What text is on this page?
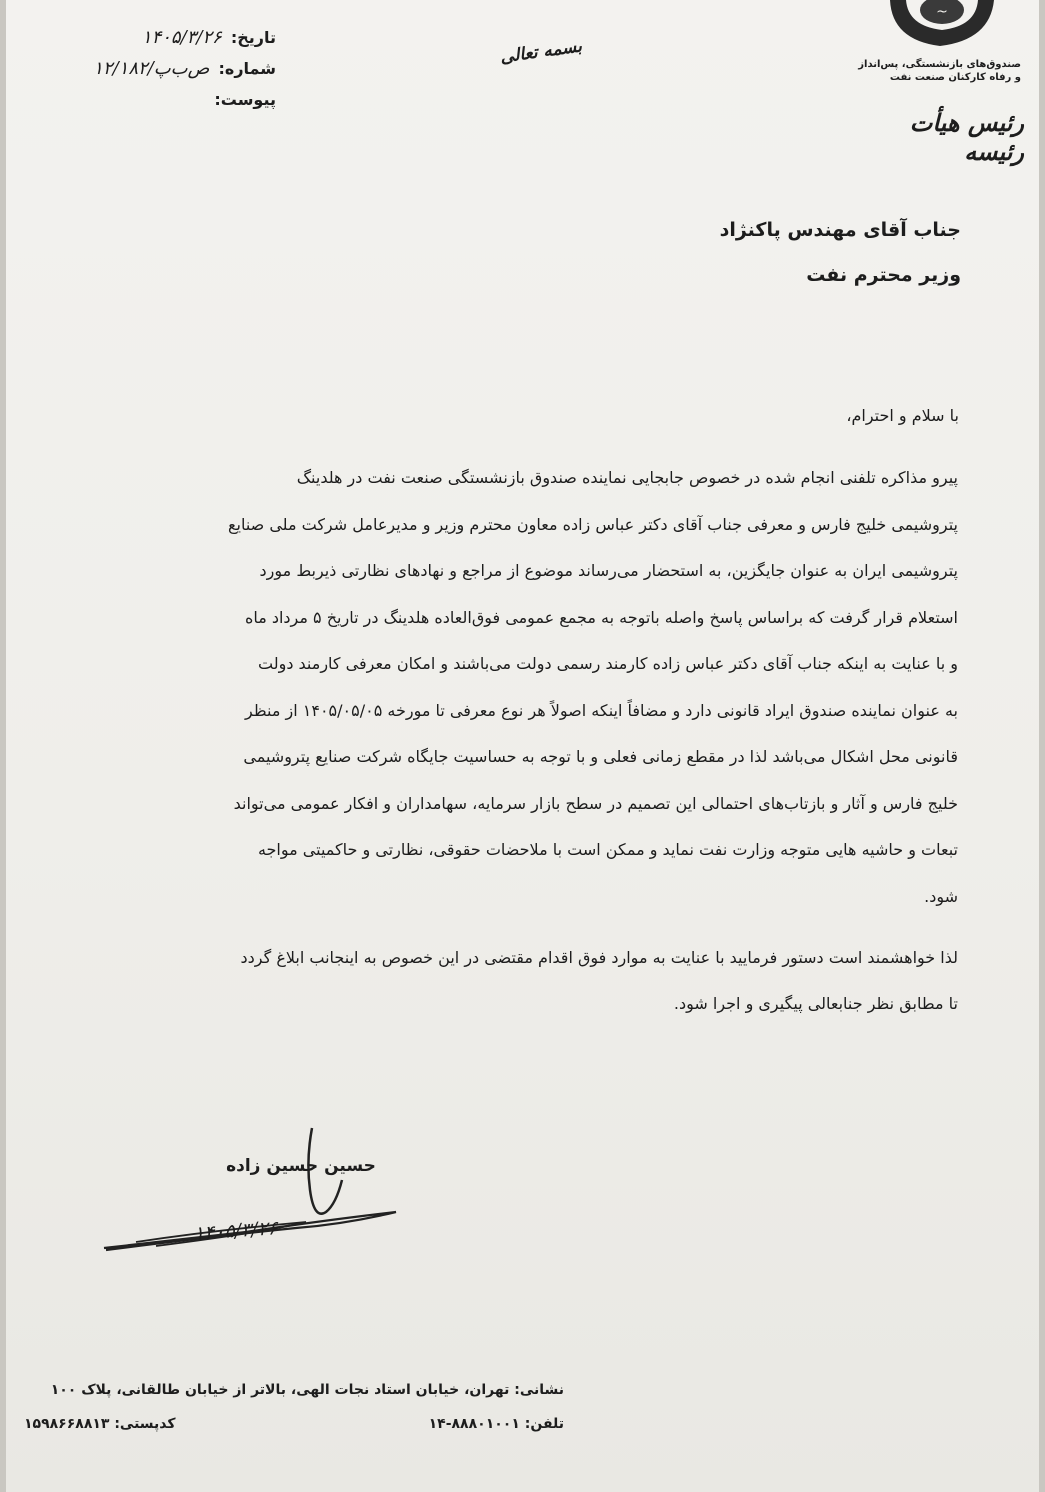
تاریخ: ۱۴۰۵/۳/۲۶
شماره: ص‌ب‌پ/۱۲/۱۸۲
پیوست:
بسمه تعالی
~
صندوق‌های بازنشستگی، پس‌انداز
و رفاه کارکنان صنعت نفت
رئیس هیأت رئیسه
جناب آقای مهندس پاکنژاد
وزیر محترم نفت
با سلام و احترام،
پیرو مذاکره تلفنی انجام شده در خصوص جابجایی نماینده صندوق بازنشستگی صنعت نفت در هلدینگ
پتروشیمی خلیج فارس و معرفی جناب آقای دکتر عباس زاده معاون محترم وزیر و مدیرعامل شرکت ملی صنایع
پتروشیمی ایران به عنوان جایگزین، به استحضار می‌رساند موضوع از مراجع و نهادهای نظارتی ذیربط مورد
استعلام قرار گرفت که براساس پاسخ واصله باتوجه به مجمع عمومی فوق‌العاده هلدینگ در تاریخ ۵ مرداد ماه
و با عنایت به اینکه جناب آقای دکتر عباس زاده کارمند رسمی دولت می‌باشند و امکان معرفی کارمند دولت
به عنوان نماینده صندوق ایراد قانونی دارد و مضافاً اینکه اصولاً هر نوع معرفی تا مورخه ۱۴۰۵/۰۵/۰۵ از منظر
قانونی محل اشکال می‌باشد لذا در مقطع زمانی فعلی و با توجه به حساسیت جایگاه شرکت صنایع پتروشیمی
خلیج فارس و آثار و بازتاب‌های احتمالی این تصمیم در سطح بازار سرمایه، سهامداران و افکار عمومی می‌تواند
تبعات و حاشیه هایی متوجه وزارت نفت نماید و ممکن است با ملاحضات حقوقی، نظارتی و حاکمیتی مواجه
شود.
لذا خواهشمند است دستور فرمایید با عنایت به موارد فوق اقدام مقتضی در این خصوص به اینجانب ابلاغ گردد
تا مطابق نظر جنابعالی پیگیری و اجرا شود.
حسین حسین زاده
۱۴۰۵/۳/۲۶
نشانی: تهران، خیابان استاد نجات الهی، بالاتر از خیابان طالقانی، پلاک ۱۰۰
تلفن: ۸۸۸۰۱۰۰۱-۱۴
کدپستی: ۱۵۹۸۶۶۸۸۱۳
